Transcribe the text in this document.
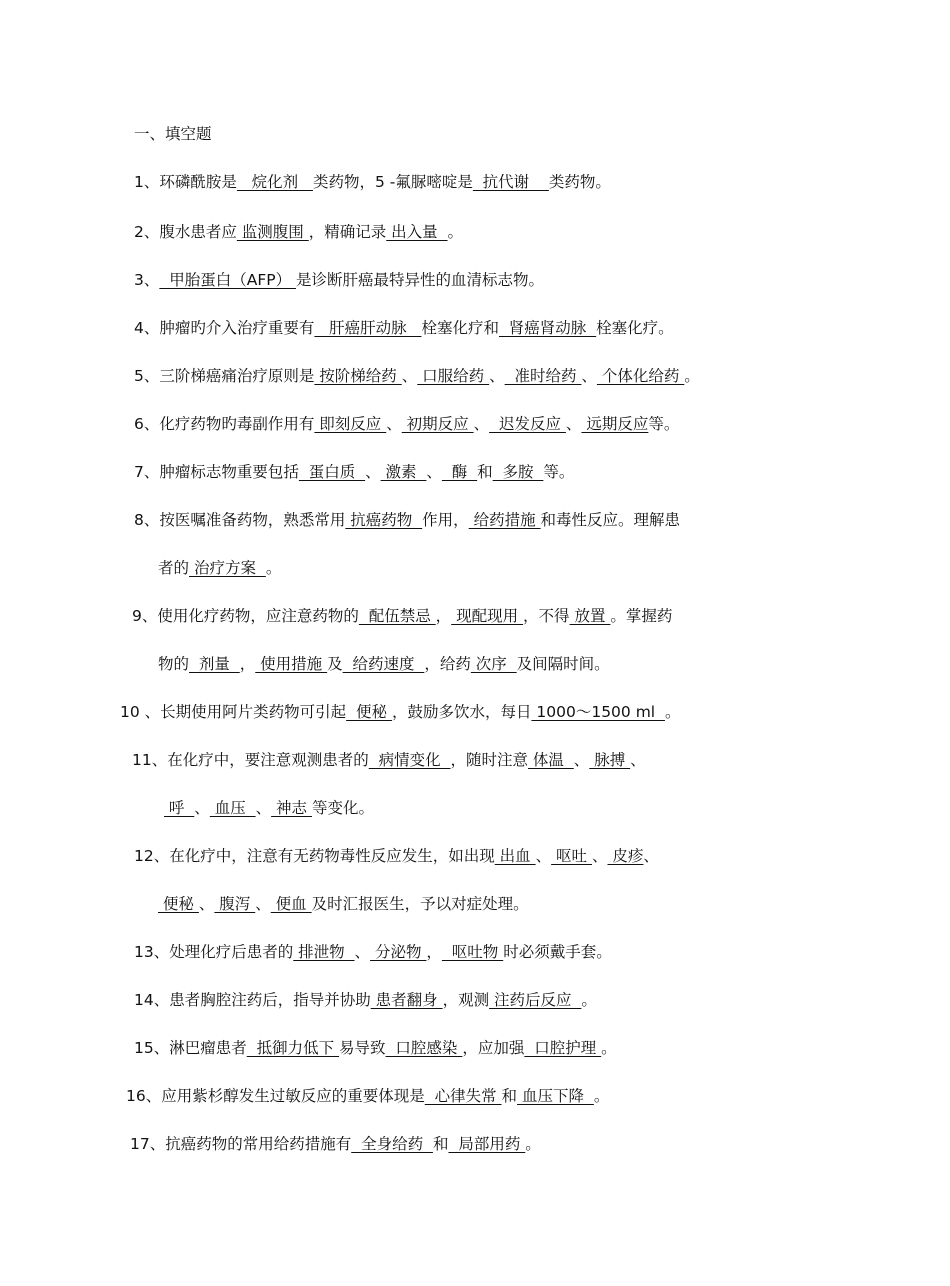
一、填空题
1、环磷酰胺是   烷化剂   类药物，5 -氟脲嘧啶是  抗代谢    类药物。
2、腹水患者应 监测腹围 ，精确记录 出入量  。
3、  甲胎蛋白（AFP） 是诊断肝癌最特异性的血清标志物。
4、肿瘤旳介入治疗重要有   肝癌肝动脉   栓塞化疗和  肾癌肾动脉  栓塞化疗。
5、三阶梯癌痛治疗原则是 按阶梯给药 、 口服给药 、  准时给药 、 个体化给药 。
6、化疗药物旳毒副作用有 即刻反应 、 初期反应 、  迟发反应 、 远期反应等。
7、肿瘤标志物重要包括  蛋白质  、 激素  、  酶  和  多胺  等。
8、按医嘱准备药物，熟悉常用 抗癌药物  作用， 给药措施 和毒性反应。理解患
者的 治疗方案  。
9、使用化疗药物，应注意药物的  配伍禁忌 ， 现配现用 ，不得 放置 。掌握药
物的  剂量  ， 使用措施 及  给药速度  ，给药 次序  及间隔时间。
10 、长期使用阿片类药物可引起  便秘 ，鼓励多饮水，每日 1000～1500 ml  。
11、在化疗中，要注意观测患者的  病情变化  ，随时注意 体温  、 脉搏 、
呼  、 血压  、 神志 等变化。
12、在化疗中，注意有无药物毒性反应发生，如出现 出血 、 呕吐 、 皮疹、
便秘 、 腹泻 、 便血 及时汇报医生，予以对症处理。
13、处理化疗后患者的 排泄物  、 分泌物 ，  呕吐物 时必须戴手套。
14、患者胸腔注药后，指导并协助 患者翻身 ，观测 注药后反应  。
15、淋巴瘤患者  抵御力低下 易导致  口腔感染 ，应加强  口腔护理 。
16、应用紫杉醇发生过敏反应的重要体现是  心律失常 和 血压下降  。
17、抗癌药物的常用给药措施有  全身给药  和  局部用药 。
